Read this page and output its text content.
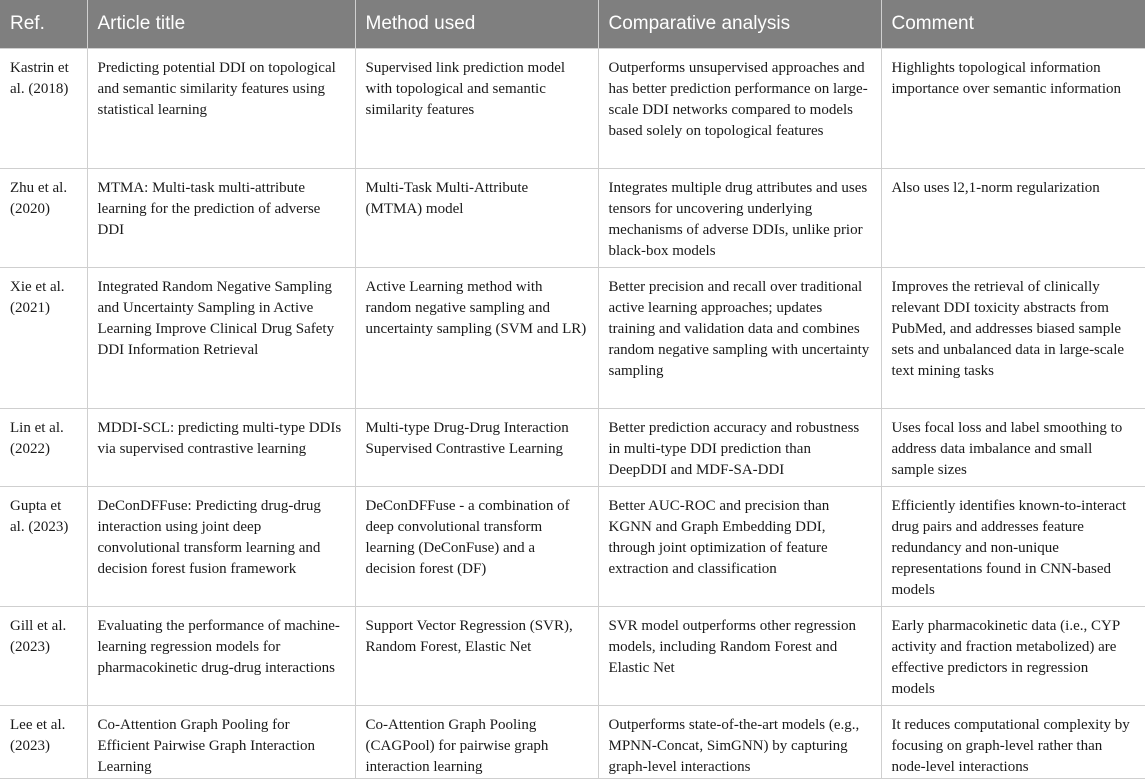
Ref.	Article title	Method used	Comparative analysis	Comment
Kastrin et al. (2018)	Predicting potential DDI on topological and semantic similarity features using statistical learning	Supervised link prediction model with topological and semantic similarity features	Outperforms unsupervised approaches and has better prediction performance on large-scale DDI networks compared to models based solely on topological features	Highlights topological information importance over semantic information
Zhu et al. (2020)	MTMA: Multi-task multi-attribute learning for the prediction of adverse DDI	Multi-Task Multi-Attribute (MTMA) model	Integrates multiple drug attributes and uses tensors for uncovering underlying mechanisms of adverse DDIs, unlike prior black-box models	Also uses l2,1-norm regularization
Xie et al. (2021)	Integrated Random Negative Sampling and Uncertainty Sampling in Active Learning Improve Clinical Drug Safety DDI Information Retrieval	Active Learning method with random negative sampling and uncertainty sampling (SVM and LR)	Better precision and recall over traditional active learning approaches; updates training and validation data and combines random negative sampling with uncertainty sampling	Improves the retrieval of clinically relevant DDI toxicity abstracts from PubMed, and addresses biased sample sets and unbalanced data in large-scale text mining tasks
Lin et al. (2022)	MDDI-SCL: predicting multi-type DDIs via supervised contrastive learning	Multi-type Drug-Drug Interaction Supervised Contrastive Learning	Better prediction accuracy and robustness in multi-type DDI prediction than DeepDDI and MDF-SA-DDI	Uses focal loss and label smoothing to address data imbalance and small sample sizes
Gupta et al. (2023)	DeConDFFuse: Predicting drug-drug interaction using joint deep convolutional transform learning and decision forest fusion framework	DeConDFFuse - a combination of deep convolutional transform learning (DeConFuse) and a decision forest (DF)	Better AUC-ROC and precision than KGNN and Graph Embedding DDI, through joint optimization of feature extraction and classification	Efficiently identifies known-to-interact drug pairs and addresses feature redundancy and non-unique representations found in CNN-based models
Gill et al. (2023)	Evaluating the performance of machine-learning regression models for pharmacokinetic drug-drug interactions	Support Vector Regression (SVR), Random Forest, Elastic Net	SVR model outperforms other regression models, including Random Forest and Elastic Net	Early pharmacokinetic data (i.e., CYP activity and fraction metabolized) are effective predictors in regression models
Lee et al. (2023)	Co-Attention Graph Pooling for Efficient Pairwise Graph Interaction Learning	Co-Attention Graph Pooling (CAGPool) for pairwise graph interaction learning	Outperforms state-of-the-art models (e.g., MPNN-Concat, SimGNN) by capturing graph-level interactions	It reduces computational complexity by focusing on graph-level rather than node-level interactions
